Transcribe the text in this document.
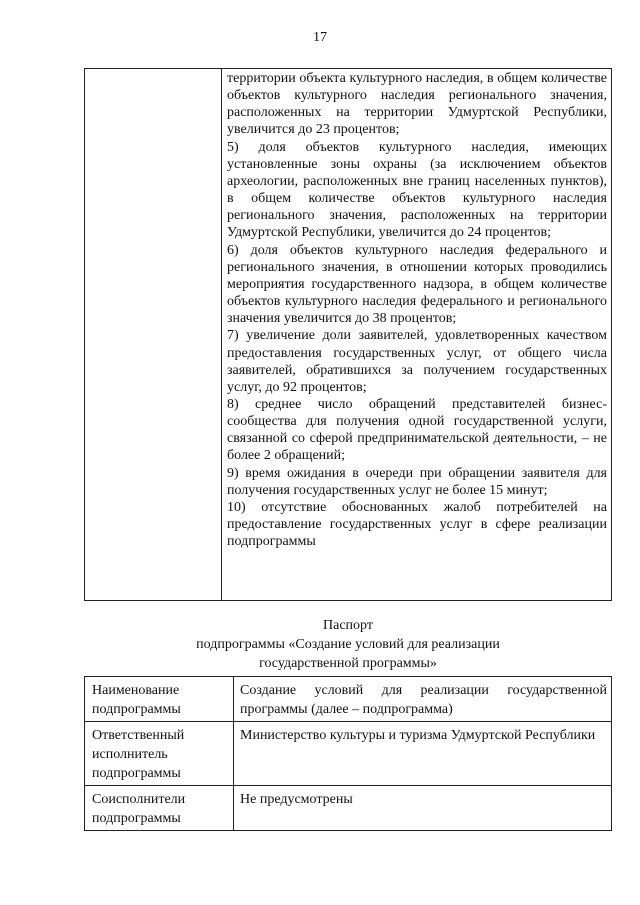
17

территории объекта культурного наследия, в общем количестве объектов культурного наследия регионального значения, расположенных на территории Удмуртской Республики, увеличится до 23 процентов;

5) доля объектов культурного наследия, имеющих установленные зоны охраны (за исключением объектов археологии, расположенных вне границ населенных пунктов), в общем количестве объектов культурного наследия регионального значения, расположенных на территории Удмуртской Республики, увеличится до 24 процентов;

6) доля объектов культурного наследия федерального и регионального значения, в отношении которых проводились мероприятия государственного надзора, в общем количестве объектов культурного наследия федерального и регионального значения увеличится до 38 процентов;

7) увеличение доли заявителей, удовлетворенных качеством предоставления государственных услуг, от общего числа заявителей, обратившихся за получением государственных услуг, до 92 процентов;

8) среднее число обращений представителей бизнес-сообщества для получения одной государственной услуги, связанной со сферой предпринимательской деятельности, – не более 2 обращений;

9) время ожидания в очереди при обращении заявителя для получения государственных услуг не более 15 минут;

10) отсутствие обоснованных жалоб потребителей на предоставление государственных услуг в сфере реализации подпрограммы

Паспорт
подпрограммы «Создание условий для реализации
государственной программы»
Наименование подпрограммы	Создание условий для реализации государственной программы (далее – подпрограмма)
Ответственный исполнитель подпрограммы	Министерство культуры и туризма Удмуртской Республики
Соисполнители подпрограммы	Не предусмотрены
